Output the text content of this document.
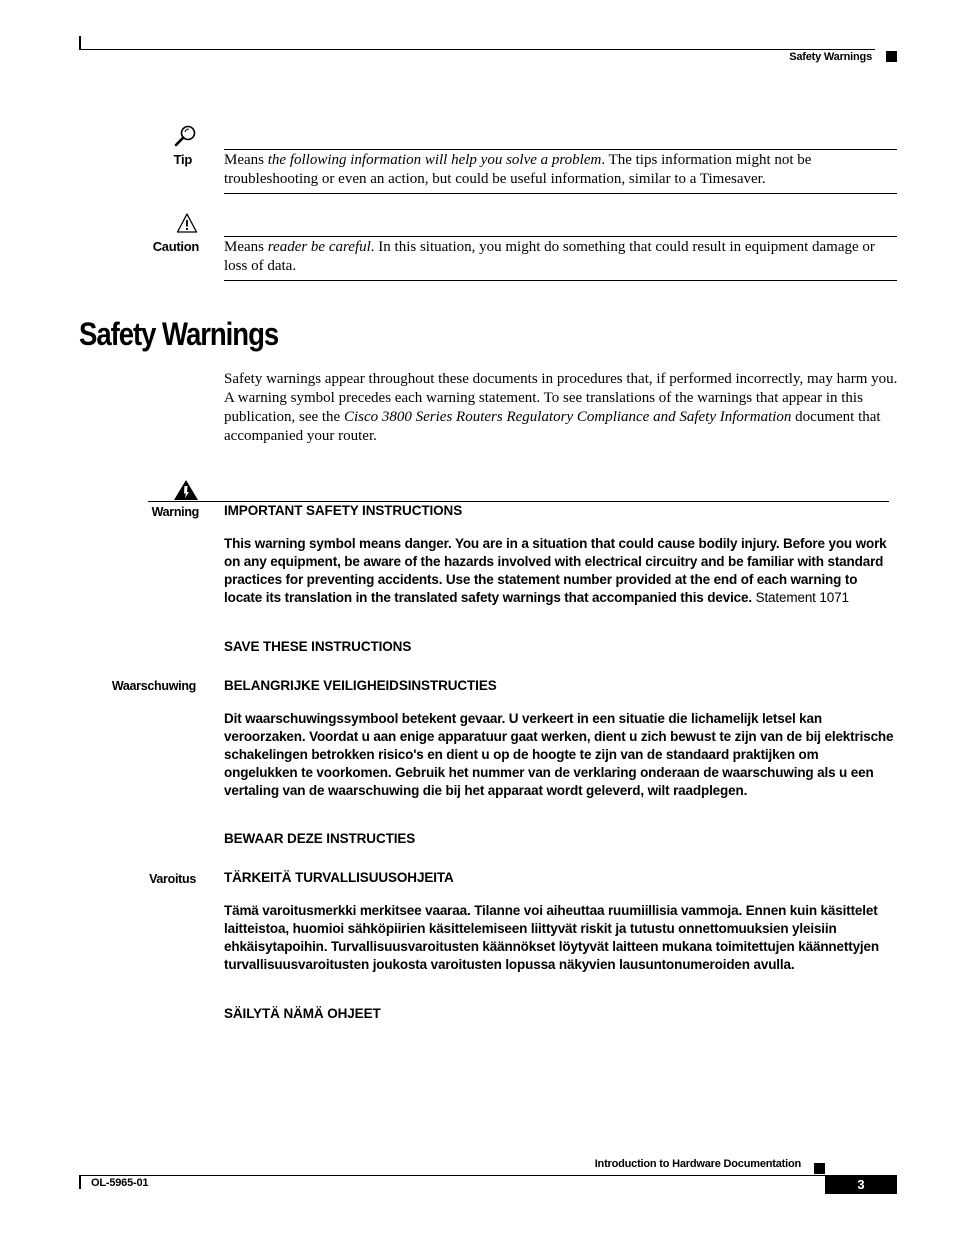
Safety Warnings
Tip Means the following information will help you solve a problem. The tips information might not be troubleshooting or even an action, but could be useful information, similar to a Timesaver.
Caution Means reader be careful. In this situation, you might do something that could result in equipment damage or loss of data.
Safety Warnings
Safety warnings appear throughout these documents in procedures that, if performed incorrectly, may harm you. A warning symbol precedes each warning statement. To see translations of the warnings that appear in this publication, see the Cisco 3800 Series Routers Regulatory Compliance and Safety Information document that accompanied your router.
Warning IMPORTANT SAFETY INSTRUCTIONS
This warning symbol means danger. You are in a situation that could cause bodily injury. Before you work on any equipment, be aware of the hazards involved with electrical circuitry and be familiar with standard practices for preventing accidents. Use the statement number provided at the end of each warning to locate its translation in the translated safety warnings that accompanied this device. Statement 1071
SAVE THESE INSTRUCTIONS
Waarschuwing BELANGRIJKE VEILIGHEIDSINSTRUCTIES
Dit waarschuwingssymbool betekent gevaar. U verkeert in een situatie die lichamelijk letsel kan veroorzaken. Voordat u aan enige apparatuur gaat werken, dient u zich bewust te zijn van de bij elektrische schakelingen betrokken risico's en dient u op de hoogte te zijn van de standaard praktijken om ongelukken te voorkomen. Gebruik het nummer van de verklaring onderaan de waarschuwing als u een vertaling van de waarschuwing die bij het apparaat wordt geleverd, wilt raadplegen.
BEWAAR DEZE INSTRUCTIES
Varoitus TÄRKEITÄ TURVALLISUUSOHJEITA
Tämä varoitusmerkki merkitsee vaaraa. Tilanne voi aiheuttaa ruumiillisia vammoja. Ennen kuin käsittelet laitteistoa, huomioi sähköpiirien käsittelemiseen liittyvät riskit ja tutustu onnettomuuksien yleisiin ehkäisytapoihin. Turvallisuusvaroitusten käännökset löytyvät laitteen mukana toimitettujen käännettyjen turvallisuusvaroitusten joukosta varoitusten lopussa näkyvien lausuntonumeroiden avulla.
SÄILYTÄ NÄMÄ OHJEET
Introduction to Hardware Documentation
OL-5965-01	3
